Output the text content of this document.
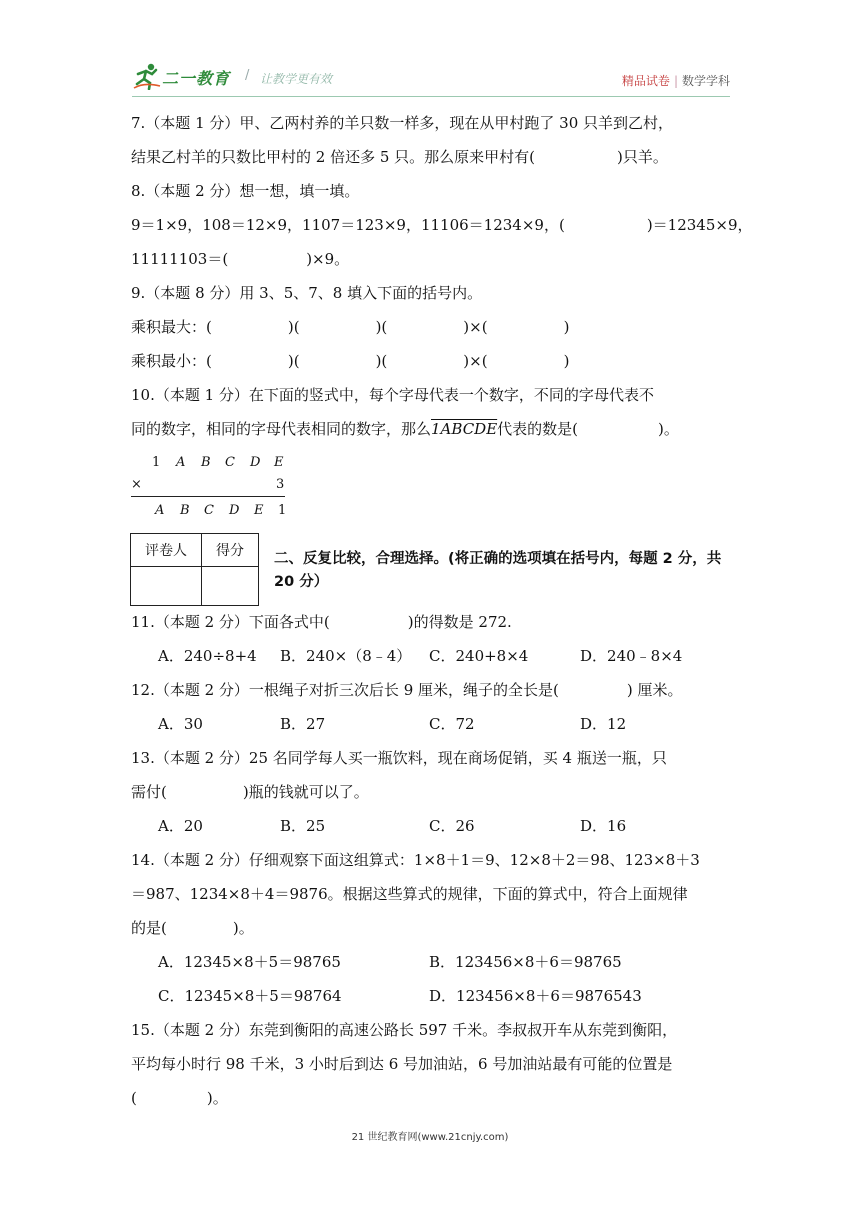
二一教育 / 让教学更有效	精品试卷 | 数学学科
7.（本题 1 分）甲、乙两村养的羊只数一样多，现在从甲村跑了 30 只羊到乙村，
结果乙村羊的只数比甲村的 2 倍还多 5 只。那么原来甲村有(	)只羊。
8.（本题 2 分）想一想，填一填。
9＝1×9，108＝12×9，1107＝123×9，11106＝1234×9，(	)＝12345×9，
11111103＝(	)×9。
9.（本题 8 分）用 3、5、7、8 填入下面的括号内。
乘积最大：(	)(	)(	)×(	)
乘积最小：(	)(	)(	)×(	)
10.（本题 1 分）在下面的竖式中，每个字母代表一个数字，不同的字母代表不
同的数字，相同的字母代表相同的数字，那么1ABCDE代表的数是(	)。
1 A B C D E
×	3
A B C D E 1
评卷人	得分
	二、反复比较，合理选择。(将正确的选项填在括号内，每题 2 分，共 20 分）
11.（本题 2 分）下面各式中(	)的得数是 272.
A．240÷8+4 B．240×（8﹣4） C．240+8×4	D．240﹣8×4
12.（本题 2 分）一根绳子对折三次后长 9 厘米，绳子的全长是(	) 厘米。
A．30	B．27	C．72	D．12
13.（本题 2 分）25 名同学每人买一瓶饮料，现在商场促销，买 4 瓶送一瓶，只
需付(	)瓶的钱就可以了。
A．20	B．25	C．26	D．16
14.（本题 2 分）仔细观察下面这组算式：1×8＋1＝9、12×8＋2＝98、123×8＋3
＝987、1234×8＋4＝9876。根据这些算式的规律，下面的算式中，符合上面规律
的是(	)。
A．12345×8＋5＝98765	B．123456×8＋6＝98765
C．12345×8＋5＝98764	D．123456×8＋6＝9876543
15.（本题 2 分）东莞到衡阳的高速公路长 597 千米。李叔叔开车从东莞到衡阳，
平均每小时行 98 千米，3 小时后到达 6 号加油站，6 号加油站最有可能的位置是
(	)。
21 世纪教育网(www.21cnjy.com)
